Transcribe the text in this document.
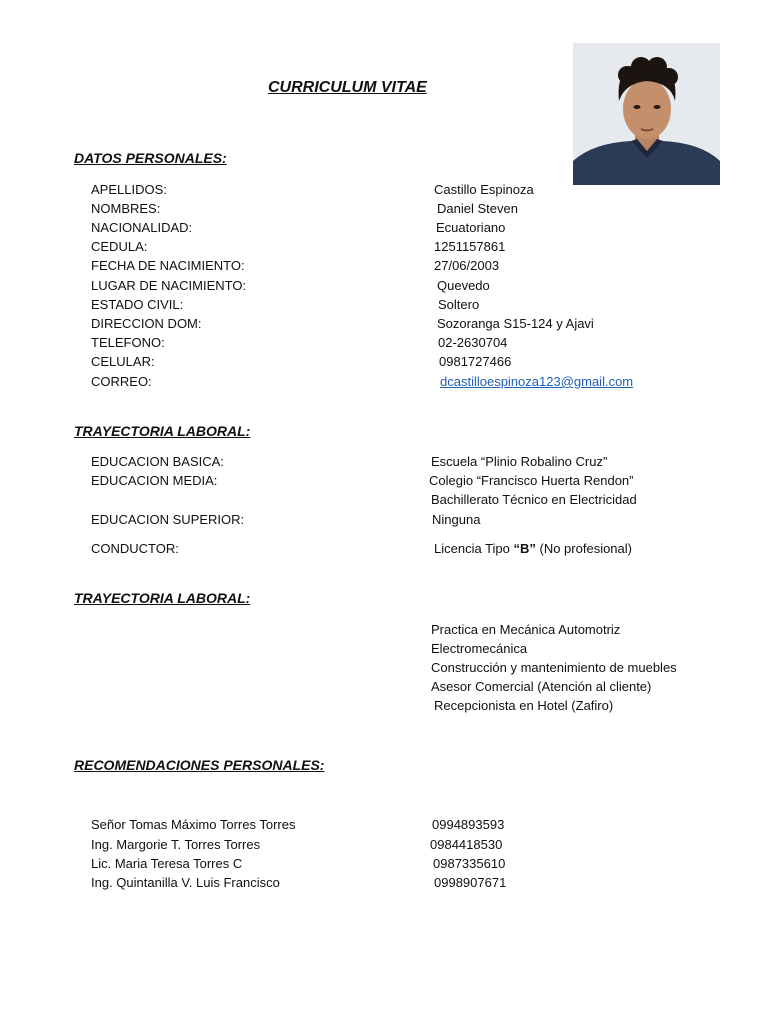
CURRICULUM VITAE
DATOS PERSONALES:
APELLIDOS:	Castillo Espinoza
NOMBRES:	Daniel Steven
NACIONALIDAD:	Ecuatoriano
CEDULA:	1251157861
FECHA DE NACIMIENTO:	27/06/2003
LUGAR DE NACIMIENTO:	Quevedo
ESTADO CIVIL:	Soltero
DIRECCION DOM:	Sozoranga S15-124 y Ajavi
TELEFONO:	02-2630704
CELULAR:	0981727466
CORREO:	dcastilloespinoza123@gmail.com
TRAYECTORIA LABORAL:
EDUCACION BASICA:	Escuela “Plinio Robalino Cruz”
EDUCACION MEDIA:	Colegio “Francisco Huerta Rendon”
Bachillerato Técnico en Electricidad
EDUCACION SUPERIOR:	Ninguna
CONDUCTOR:	Licencia Tipo “B” (No profesional)
TRAYECTORIA LABORAL:
Practica en Mecánica Automotriz
Electromecánica
Construcción y mantenimiento de muebles
Asesor Comercial (Atención al cliente)
Recepcionista en Hotel (Zafiro)
RECOMENDACIONES PERSONALES:
Señor Tomas Máximo Torres Torres	0994893593
Ing. Margorie T. Torres Torres	0984418530
Lic. Maria Teresa Torres C	0987335610
Ing. Quintanilla V. Luis Francisco	0998907671
